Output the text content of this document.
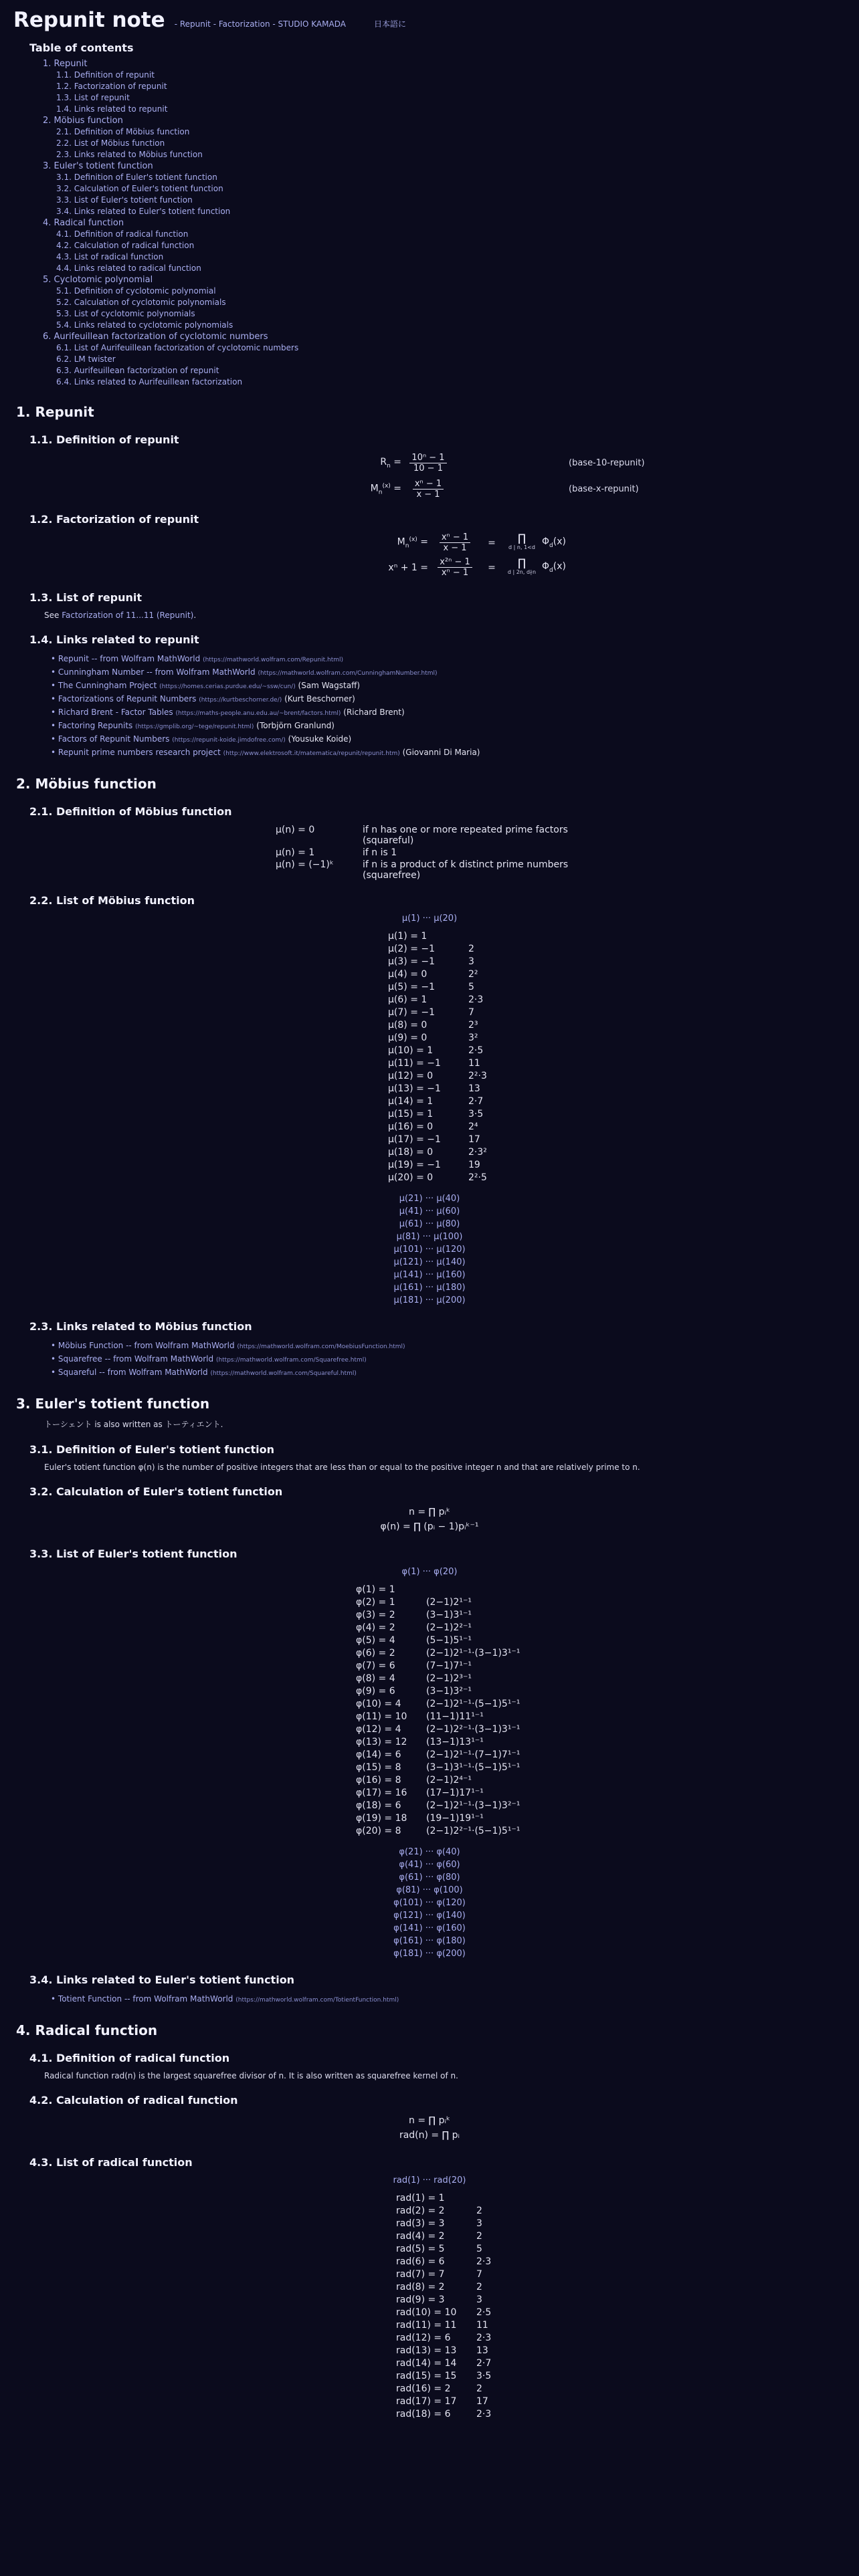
Repunit note - Repunit - Factorization - STUDIO KAMADA	日本語に
Table of contents
1. Repunit
1.1. Definition of repunit
1.2. Factorization of repunit
1.3. List of repunit
1.4. Links related to repunit
2. Möbius function
2.1. Definition of Möbius function
2.2. List of Möbius function
2.3. Links related to Möbius function
3. Euler's totient function
3.1. Definition of Euler's totient function
3.2. Calculation of Euler's totient function
3.3. List of Euler's totient function
3.4. Links related to Euler's totient function
4. Radical function
4.1. Definition of radical function
4.2. Calculation of radical function
4.3. List of radical function
4.4. Links related to radical function
5. Cyclotomic polynomial
5.1. Definition of cyclotomic polynomial
5.2. Calculation of cyclotomic polynomials
5.3. List of cyclotomic polynomials
5.4. Links related to cyclotomic polynomials
6. Aurifeuillean factorization of cyclotomic numbers
6.1. List of Aurifeuillean factorization of cyclotomic numbers
6.2. LM twister
6.3. Aurifeuillean factorization of repunit
6.4. Links related to Aurifeuillean factorization
1. Repunit
1.1. Definition of repunit
$R_n = \frac{\text{10ⁿ − 1}}{10 - 1}$	(base-10-repunit)
$M_n^{(x)} = \frac{\text{xⁿ − 1}}{x - 1}$	(base-x-repunit)
1.2. Factorization of repunit
$M_n^{(x)} = \frac{\text{xⁿ − 1}}{x - 1}$	=	∏
d | n, 1<d $\Phi_d(x)$
$x^n + 1 = \frac{\text{x²ⁿ − 1}}{\text{xⁿ − 1}}$	=	∏
d | 2n, d∤n $\Phi_d(x)$
1.3. List of repunit
See Factorization of 11...11 (Repunit).
1.4. Links related to repunit
• Repunit -- from Wolfram MathWorld (https://mathworld.wolfram.com/Repunit.html)
• Cunningham Number -- from Wolfram MathWorld (https://mathworld.wolfram.com/CunninghamNumber.html)
• The Cunningham Project (https://homes.cerias.purdue.edu/~ssw/cun/) (Sam Wagstaff)
• Factorizations of Repunit Numbers (https://kurtbeschorner.de/) (Kurt Beschorner)
• Richard Brent - Factor Tables (https://maths-people.anu.edu.au/~brent/factors.html) (Richard Brent)
• Factoring Repunits (https://gmplib.org/~tege/repunit.html) (Torbjörn Granlund)
• Factors of Repunit Numbers (https://repunit-koide.jimdofree.com/) (Yousuke Koide)
• Repunit prime numbers research project (http://www.elektrosoft.it/matematica/repunit/repunit.htm) (Giovanni Di Maria)
2. Möbius function
2.1. Definition of Möbius function
μ(n) = 0	if n has one or more repeated prime factors (squareful)
μ(n) = 1	if n is 1
μ(n) = (−1)ᵏ	if n is a product of k distinct prime numbers (squarefree)
2.2. List of Möbius function
μ(1) ··· μ(20)
μ(1) = 1
μ(2) = −1	2
μ(3) = −1	3
μ(4) = 0	2²
μ(5) = −1	5
μ(6) = 1	2⋅3
μ(7) = −1	7
μ(8) = 0	2³
μ(9) = 0	3²
μ(10) = 1	2⋅5
μ(11) = −1	11
μ(12) = 0	2²⋅3
μ(13) = −1	13
μ(14) = 1	2⋅7
μ(15) = 1	3⋅5
μ(16) = 0	2⁴
μ(17) = −1	17
μ(18) = 0	2⋅3²
μ(19) = −1	19
μ(20) = 0	2²⋅5
μ(21) ··· μ(40)
μ(41) ··· μ(60)
μ(61) ··· μ(80)
μ(81) ··· μ(100)
μ(101) ··· μ(120)
μ(121) ··· μ(140)
μ(141) ··· μ(160)
μ(161) ··· μ(180)
μ(181) ··· μ(200)
2.3. Links related to Möbius function
• Möbius Function -- from Wolfram MathWorld (https://mathworld.wolfram.com/MoebiusFunction.html)
• Squarefree -- from Wolfram MathWorld (https://mathworld.wolfram.com/Squarefree.html)
• Squareful -- from Wolfram MathWorld (https://mathworld.wolfram.com/Squareful.html)
3. Euler's totient function
トーシェント is also written as トーティエント.
3.1. Definition of Euler's totient function
Euler's totient function φ(n) is the number of positive integers that are less than or equal to the positive integer n and that are relatively prime to n.
3.2. Calculation of Euler's totient function
n = ∏ pᵢᵏ
φ(n) = ∏ (pᵢ − 1)pᵢᵏ⁻¹
3.3. List of Euler's totient function
φ(1) ··· φ(20)
φ(1) = 1
φ(2) = 1	(2−1)2¹⁻¹
φ(3) = 2	(3−1)3¹⁻¹
φ(4) = 2	(2−1)2²⁻¹
φ(5) = 4	(5−1)5¹⁻¹
φ(6) = 2	(2−1)2¹⁻¹⋅(3−1)3¹⁻¹
φ(7) = 6	(7−1)7¹⁻¹
φ(8) = 4	(2−1)2³⁻¹
φ(9) = 6	(3−1)3²⁻¹
φ(10) = 4	(2−1)2¹⁻¹⋅(5−1)5¹⁻¹
φ(11) = 10	(11−1)11¹⁻¹
φ(12) = 4	(2−1)2²⁻¹⋅(3−1)3¹⁻¹
φ(13) = 12	(13−1)13¹⁻¹
φ(14) = 6	(2−1)2¹⁻¹⋅(7−1)7¹⁻¹
φ(15) = 8	(3−1)3¹⁻¹⋅(5−1)5¹⁻¹
φ(16) = 8	(2−1)2⁴⁻¹
φ(17) = 16	(17−1)17¹⁻¹
φ(18) = 6	(2−1)2¹⁻¹⋅(3−1)3²⁻¹
φ(19) = 18	(19−1)19¹⁻¹
φ(20) = 8	(2−1)2²⁻¹⋅(5−1)5¹⁻¹
φ(21) ··· φ(40)
φ(41) ··· φ(60)
φ(61) ··· φ(80)
φ(81) ··· φ(100)
φ(101) ··· φ(120)
φ(121) ··· φ(140)
φ(141) ··· φ(160)
φ(161) ··· φ(180)
φ(181) ··· φ(200)
3.4. Links related to Euler's totient function
• Totient Function -- from Wolfram MathWorld (https://mathworld.wolfram.com/TotientFunction.html)
4. Radical function
4.1. Definition of radical function
Radical function rad(n) is the largest squarefree divisor of n. It is also written as squarefree kernel of n.
4.2. Calculation of radical function
n = ∏ pᵢᵏ
rad(n) = ∏ pᵢ
4.3. List of radical function
rad(1) ··· rad(20)
rad(1) = 1
rad(2) = 2	2
rad(3) = 3	3
rad(4) = 2	2
rad(5) = 5	5
rad(6) = 6	2⋅3
rad(7) = 7	7
rad(8) = 2	2
rad(9) = 3	3
rad(10) = 10	2⋅5
rad(11) = 11	11
rad(12) = 6	2⋅3
rad(13) = 13	13
rad(14) = 14	2⋅7
rad(15) = 15	3⋅5
rad(16) = 2	2
rad(17) = 17	17
rad(18) = 6	2⋅3
